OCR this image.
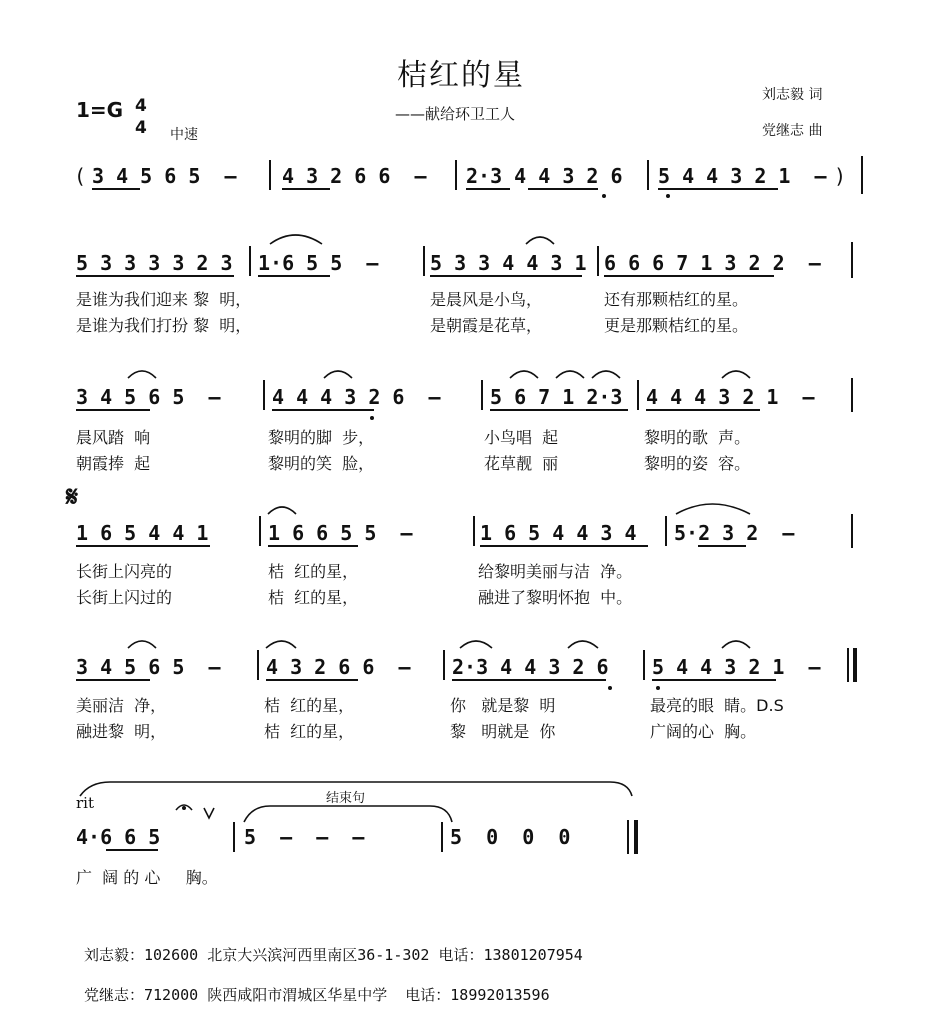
桔红的星
——献给环卫工人
刘志毅 词
党继志 曲
1=G 4
4 中速
( 3 4 5 6 5  – 4 3 2 6 6  – 2·3 4 4 3 2 6 5 4 4 3 2 1  – )
5 3 3 3 3 2 3 1·6 5 5  –	5 3 3 4 4 3 1 6 6 6 7 1 3 2 2  –
是谁为我们迎来 黎  明，	是晨风是小鸟，	还有那颗桔红的星。
是谁为我们打扮 黎  明，	是朝霞是花草，	更是那颗桔红的星。
3 4 5 6 5  –	4 4 4 3 2 6  – 5 6 7 1 2·3 4 4 4 3 2 1  –
晨风踏  响	黎明的脚  步，	小鸟唱  起	黎明的歌  声。
朝霞捧  起	黎明的笑  脸，	花草靓  丽	黎明的姿  容。
𝄋
1 6 5 4 4 1	1 6 6 5 5  –	1 6 5 4 4 3 4 5·2 3 2  –
长街上闪亮的	桔  红的星，	给黎明美丽与洁  净。
长街上闪过的	桔  红的星，	融进了黎明怀抱  中。
3 4 5 6 5  – 4 3 2 6 6  – 2·3 4 4 3 2 6 5 4 4 3 2 1  –
美丽洁  净，	桔  红的星，	你   就是黎  明	最亮的眼  睛。D.S
融进黎  明，	桔  红的星，	黎   明就是  你	广阔的心  胸。
rit	结束句
4·6 6 5	5  –  –  –	5  0  0  0
广  阔 的 心     胸。
刘志毅：102600 北京大兴滨河西里南区36-1-302 电话：13801207954
党继志：712000 陕西咸阳市渭城区华星中学  电话：18992013596
